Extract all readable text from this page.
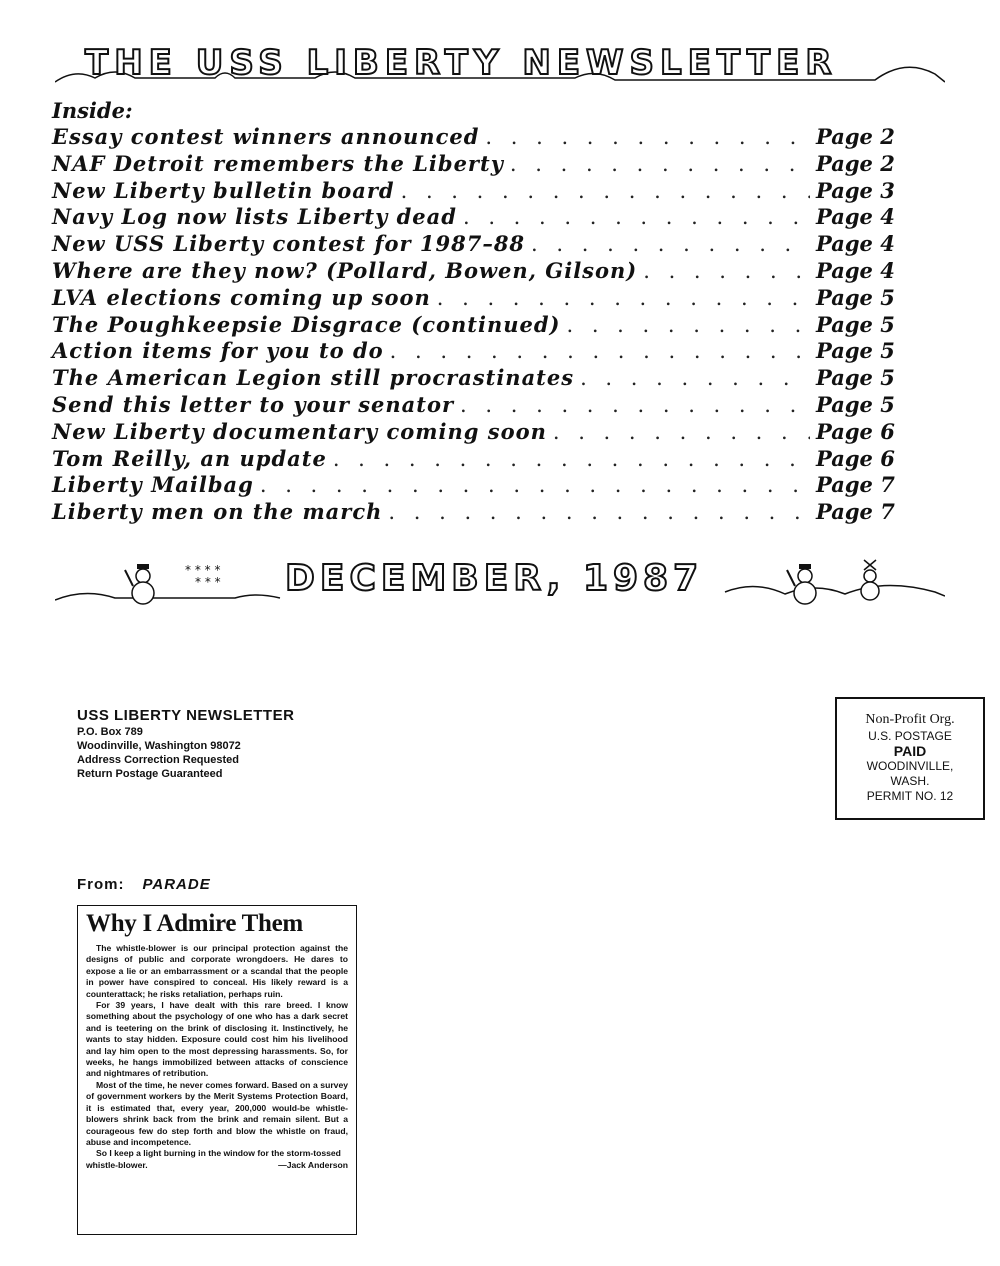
THE USS LIBERTY NEWSLETTER
Inside:
Essay contest winners announced . . .	Page 2
NAF Detroit remembers the Liberty . . .	Page 2
New Liberty bulletin board . . .	Page 3
Navy Log now lists Liberty dead . . .	Page 4
New USS Liberty contest for 1987–88 . . .	Page 4
Where are they now? (Pollard, Bowen, Gilson) . . .	Page 4
LVA elections coming up soon . . .	Page 5
The Poughkeepsie Disgrace (continued) . . .	Page 5
Action items for you to do . . .	Page 5
The American Legion still procrastinates . . .	Page 5
Send this letter to your senator . . .	Page 5
New Liberty documentary coming soon . . .	Page 6
Tom Reilly, an update . . .	Page 6
Liberty Mailbag . . .	Page 7
Liberty men on the march . . .	Page 7
* * * *
* * * DECEMBER, 1987
USS LIBERTY NEWSLETTER
P.O. Box 789
Woodinville, Washington 98072
Address Correction Requested
Return Postage Guaranteed
Non-Profit Org.
U.S. POSTAGE
PAID
WOODINVILLE,
WASH.
PERMIT NO. 12
From: PARADE
Why I Admire Them

The whistle-blower is our principal protection against the designs of public and corporate wrongdoers. He dares to expose a lie or an embarrassment or a scandal that the people in power have conspired to conceal. His likely reward is a counterattack; he risks retaliation, perhaps ruin.

For 39 years, I have dealt with this rare breed. I know something about the psychology of one who has a dark secret and is teetering on the brink of disclosing it. Instinctively, he wants to stay hidden. Exposure could cost him his livelihood and lay him open to the most depressing harassments. So, for weeks, he hangs immobilized between attacks of conscience and nightmares of retribution.

Most of the time, he never comes forward. Based on a survey of government workers by the Merit Systems Protection Board, it is estimated that, every year, 200,000 would-be whistle-blowers shrink back from the brink and remain silent. But a courageous few do step forth and blow the whistle on fraud, abuse and incompetence.

So I keep a light burning in the window for the storm-tossed whistle-blower.	—Jack Anderson
